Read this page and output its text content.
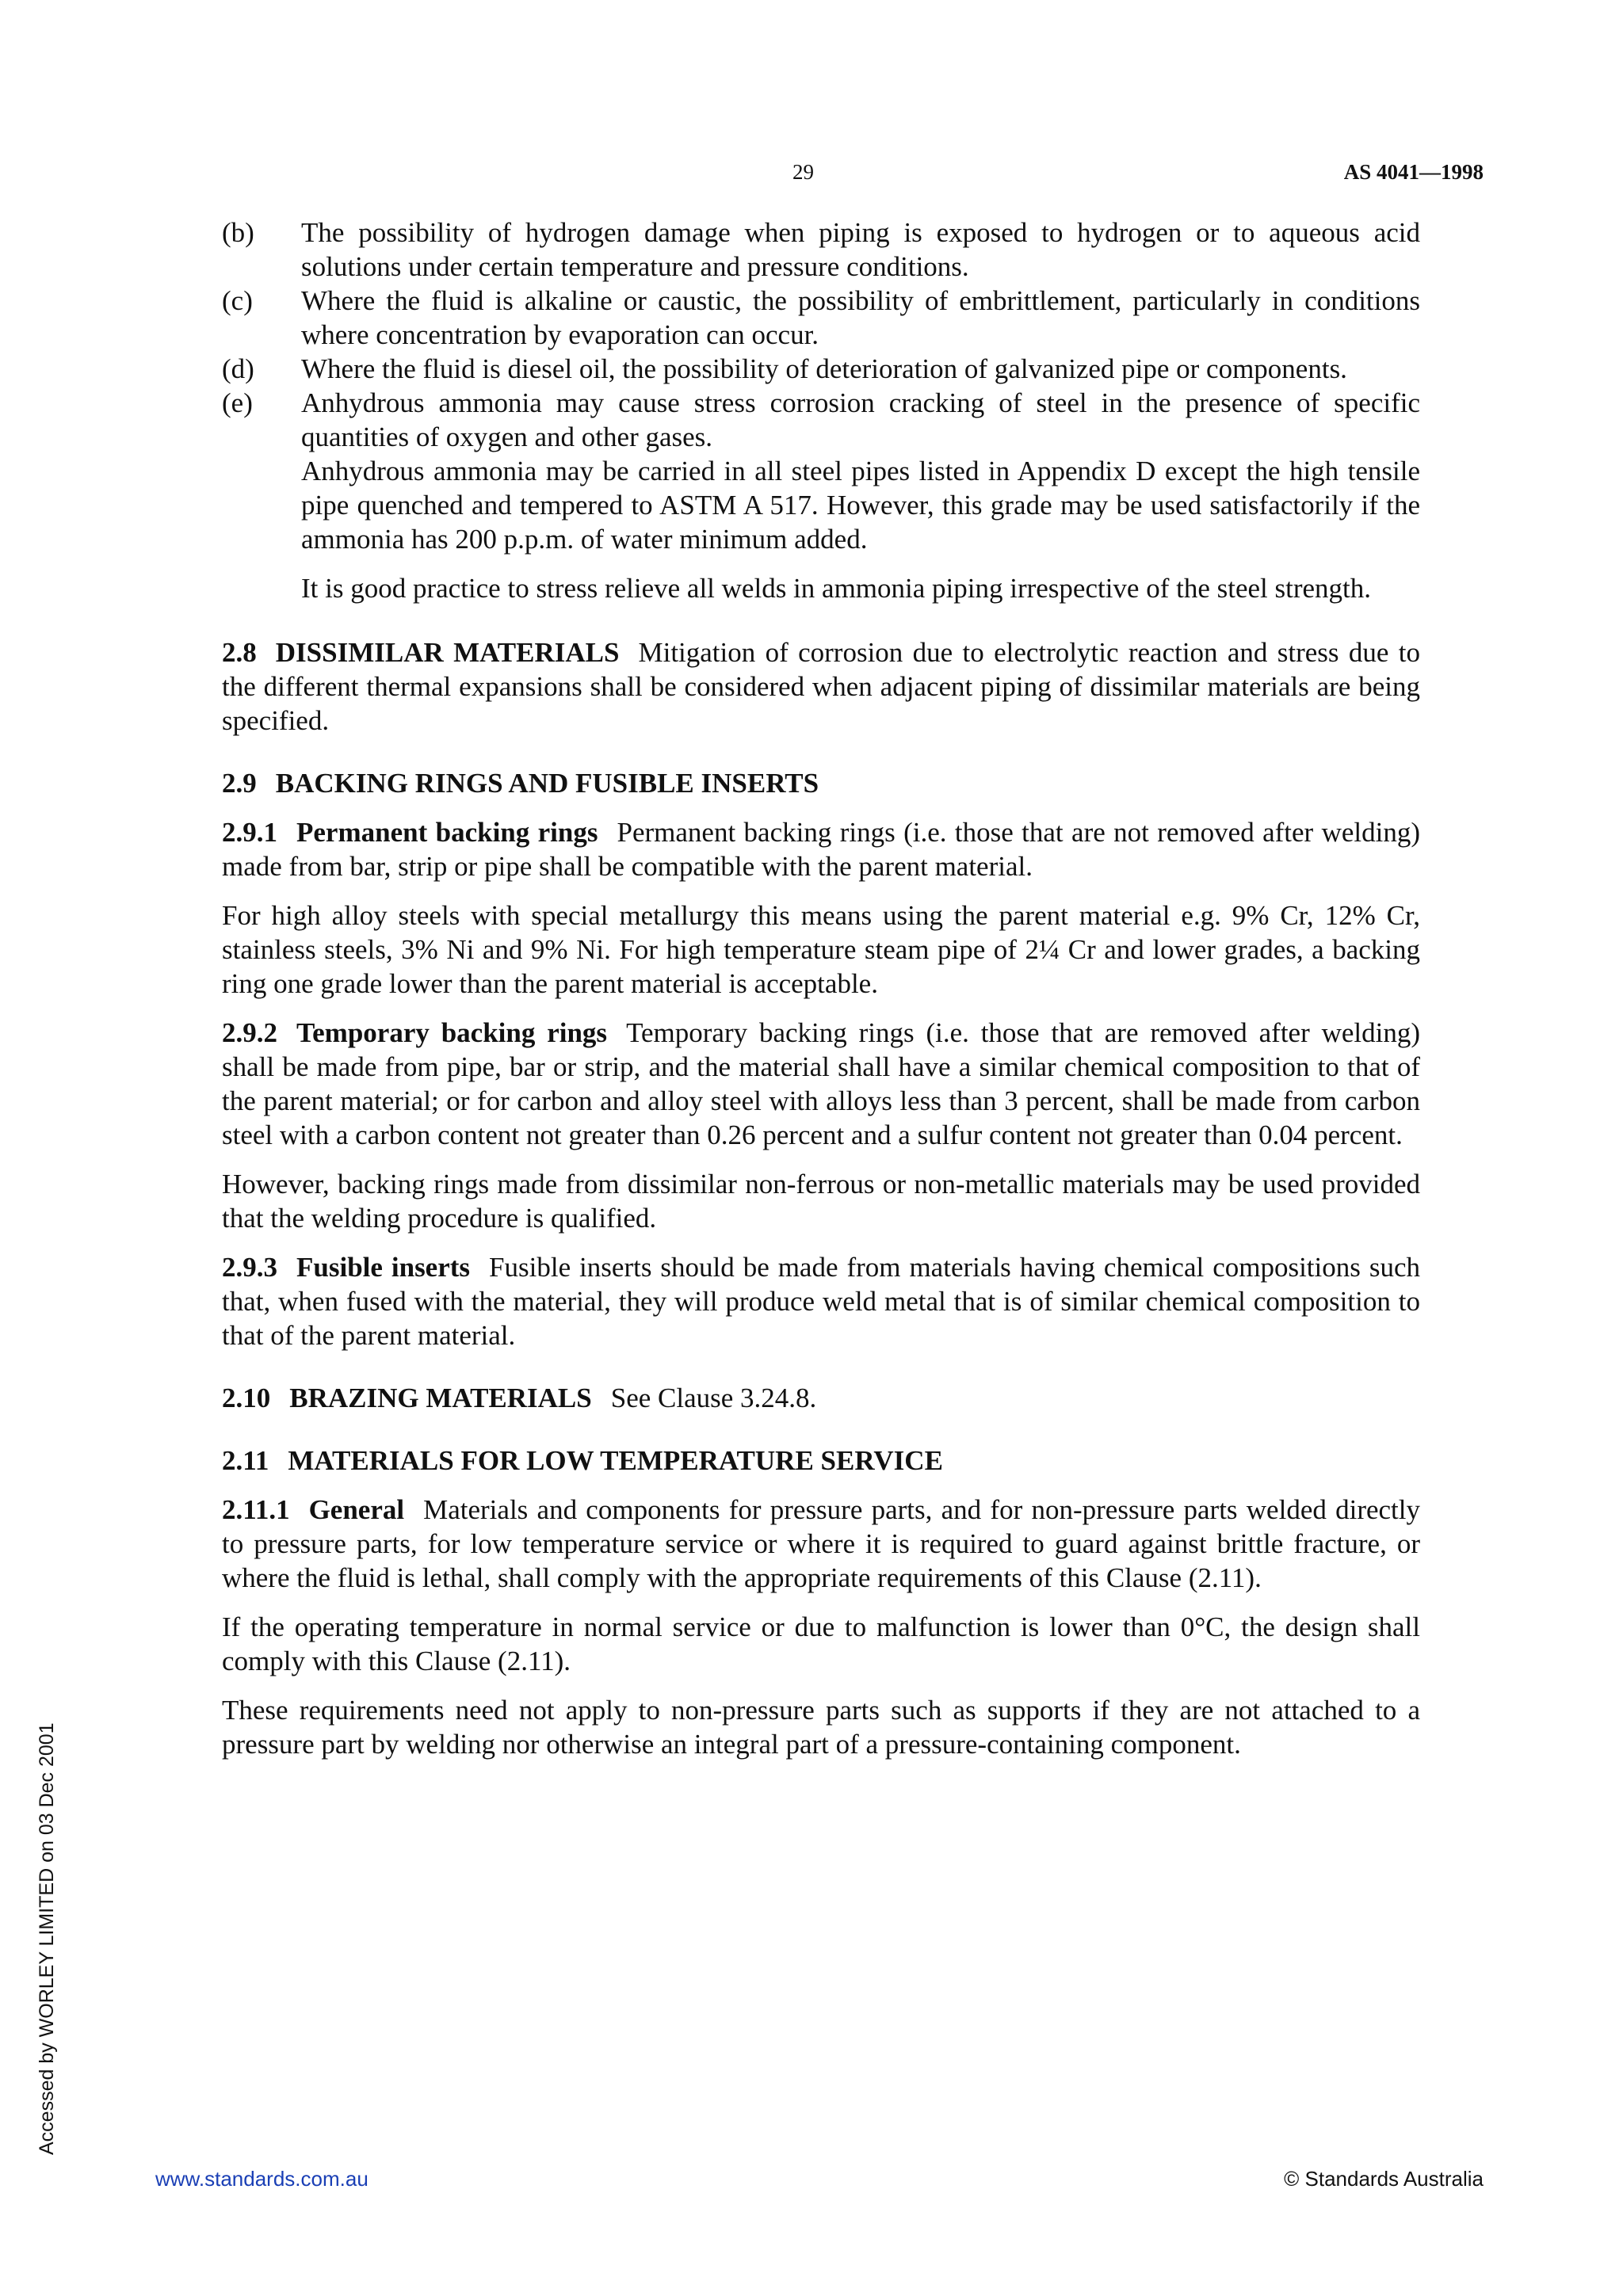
29	AS 4041—1998

(b) The possibility of hydrogen damage when piping is exposed to hydrogen or to aqueous acid solutions under certain temperature and pressure conditions.

(c) Where the fluid is alkaline or caustic, the possibility of embrittlement, particularly in conditions where concentration by evaporation can occur.

(d) Where the fluid is diesel oil, the possibility of deterioration of galvanized pipe or components.

(e) Anhydrous ammonia may cause stress corrosion cracking of steel in the presence of specific quantities of oxygen and other gases.

Anhydrous ammonia may be carried in all steel pipes listed in Appendix D except the high tensile pipe quenched and tempered to ASTM A 517. However, this grade may be used satisfactorily if the ammonia has 200 p.p.m. of water minimum added.

It is good practice to stress relieve all welds in ammonia piping irrespective of the steel strength.

2.8 DISSIMILAR MATERIALS Mitigation of corrosion due to electrolytic reaction and stress due to the different thermal expansions shall be considered when adjacent piping of dissimilar materials are being specified.

2.9 BACKING RINGS AND FUSIBLE INSERTS

2.9.1 Permanent backing rings Permanent backing rings (i.e. those that are not removed after welding) made from bar, strip or pipe shall be compatible with the parent material.

For high alloy steels with special metallurgy this means using the parent material e.g. 9% Cr, 12% Cr, stainless steels, 3% Ni and 9% Ni. For high temperature steam pipe of 2¼ Cr and lower grades, a backing ring one grade lower than the parent material is acceptable.

2.9.2 Temporary backing rings Temporary backing rings (i.e. those that are removed after welding) shall be made from pipe, bar or strip, and the material shall have a similar chemical composition to that of the parent material; or for carbon and alloy steel with alloys less than 3 percent, shall be made from carbon steel with a carbon content not greater than 0.26 percent and a sulfur content not greater than 0.04 percent.

However, backing rings made from dissimilar non-ferrous or non-metallic materials may be used provided that the welding procedure is qualified.

2.9.3 Fusible inserts Fusible inserts should be made from materials having chemical compositions such that, when fused with the material, they will produce weld metal that is of similar chemical composition to that of the parent material.

2.10 BRAZING MATERIALS See Clause 3.24.8.

2.11 MATERIALS FOR LOW TEMPERATURE SERVICE

2.11.1 General Materials and components for pressure parts, and for non-pressure parts welded directly to pressure parts, for low temperature service or where it is required to guard against brittle fracture, or where the fluid is lethal, shall comply with the appropriate requirements of this Clause (2.11).

If the operating temperature in normal service or due to malfunction is lower than 0°C, the design shall comply with this Clause (2.11).

These requirements need not apply to non-pressure parts such as supports if they are not attached to a pressure part by welding nor otherwise an integral part of a pressure-containing component.

Accessed by WORLEY LIMITED on 03 Dec 2001
www.standards.com.au	© Standards Australia
